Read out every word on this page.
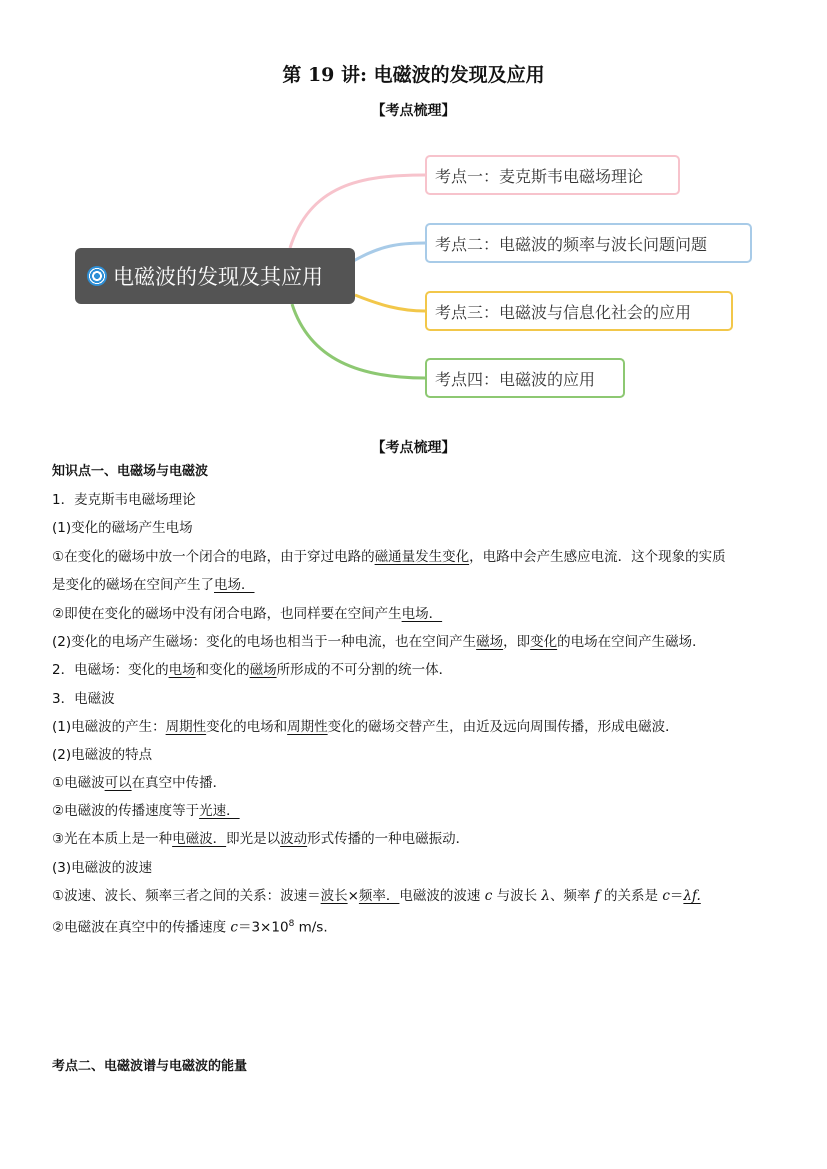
第 19 讲: 电磁波的发现及应用
【考点梳理】
电磁波的发现及其应用
考点一：麦克斯韦电磁场理论
考点二：电磁波的频率与波长问题问题
考点三：电磁波与信息化社会的应用
考点四：电磁波的应用
【考点梳理】
知识点一、电磁场与电磁波
1．麦克斯韦电磁场理论
(1)变化的磁场产生电场
①在变化的磁场中放一个闭合的电路，由于穿过电路的磁通量发生变化，电路中会产生感应电流．这个现象的实质
是变化的磁场在空间产生了电场．
②即使在变化的磁场中没有闭合电路，也同样要在空间产生电场．
(2)变化的电场产生磁场：变化的电场也相当于一种电流，也在空间产生磁场，即变化的电场在空间产生磁场．
2．电磁场：变化的电场和变化的磁场所形成的不可分割的统一体．
3．电磁波
(1)电磁波的产生：周期性变化的电场和周期性变化的磁场交替产生，由近及远向周围传播，形成电磁波．
(2)电磁波的特点
①电磁波可以在真空中传播．
②电磁波的传播速度等于光速．
③光在本质上是一种电磁波．即光是以波动形式传播的一种电磁振动．
(3)电磁波的波速
①波速、波长、频率三者之间的关系：波速＝波长×频率．电磁波的波速 c 与波长 λ、频率 f 的关系是 c＝λf.
②电磁波在真空中的传播速度 $c=3\times 10^8$ m/s.
考点二、电磁波谱与电磁波的能量
